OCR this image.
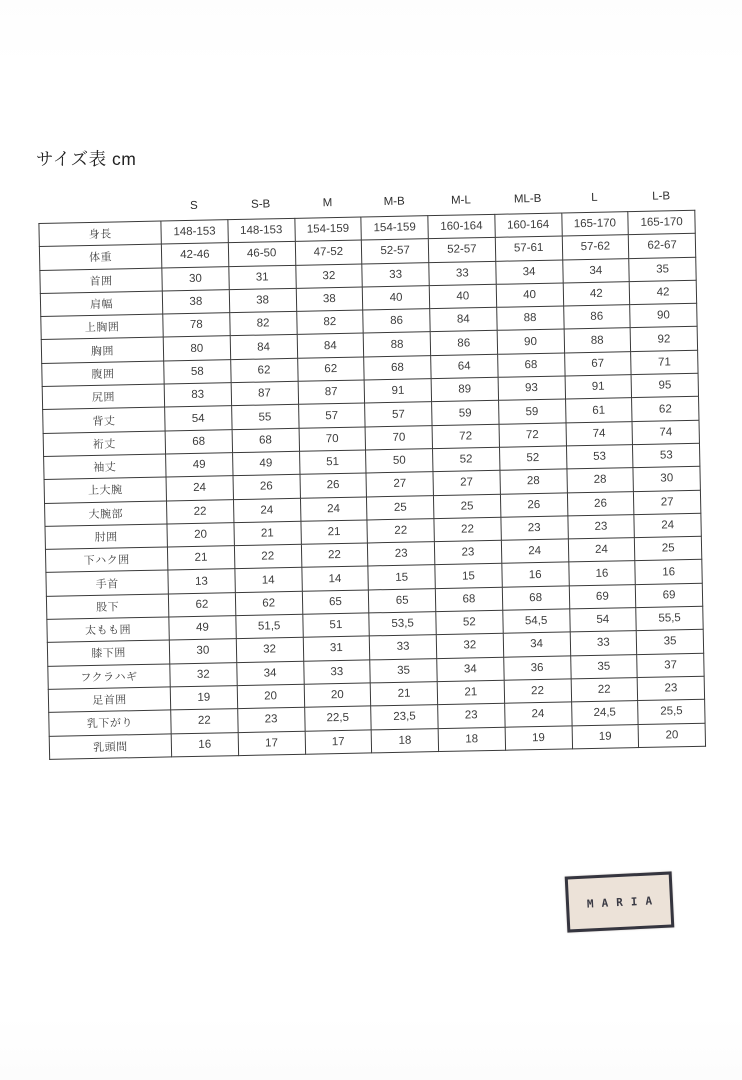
サイズ表 cm
	S	S-B	M	M-B	M-L	ML-B	L	L-B
身長	148-153	148-153	154-159	154-159	160-164	160-164	165-170	165-170
体重	42-46	46-50	47-52	52-57	52-57	57-61	57-62	62-67
首囲	30	31	32	33	33	34	34	35
肩幅	38	38	38	40	40	40	42	42
上胸囲	78	82	82	86	84	88	86	90
胸囲	80	84	84	88	86	90	88	92
腹囲	58	62	62	68	64	68	67	71
尻囲	83	87	87	91	89	93	91	95
背丈	54	55	57	57	59	59	61	62
裄丈	68	68	70	70	72	72	74	74
袖丈	49	49	51	50	52	52	53	53
上大腕	24	26	26	27	27	28	28	30
大腕部	22	24	24	25	25	26	26	27
肘囲	20	21	21	22	22	23	23	24
下ハク囲	21	22	22	23	23	24	24	25
手首	13	14	14	15	15	16	16	16
股下	62	62	65	65	68	68	69	69
太もも囲	49	51,5	51	53,5	52	54,5	54	55,5
膝下囲	30	32	31	33	32	34	33	35
フクラハギ	32	34	33	35	34	36	35	37
足首囲	19	20	20	21	21	22	22	23
乳下がり	22	23	22,5	23,5	23	24	24,5	25,5
乳頭間	16	17	17	18	18	19	19	20
MARIA
